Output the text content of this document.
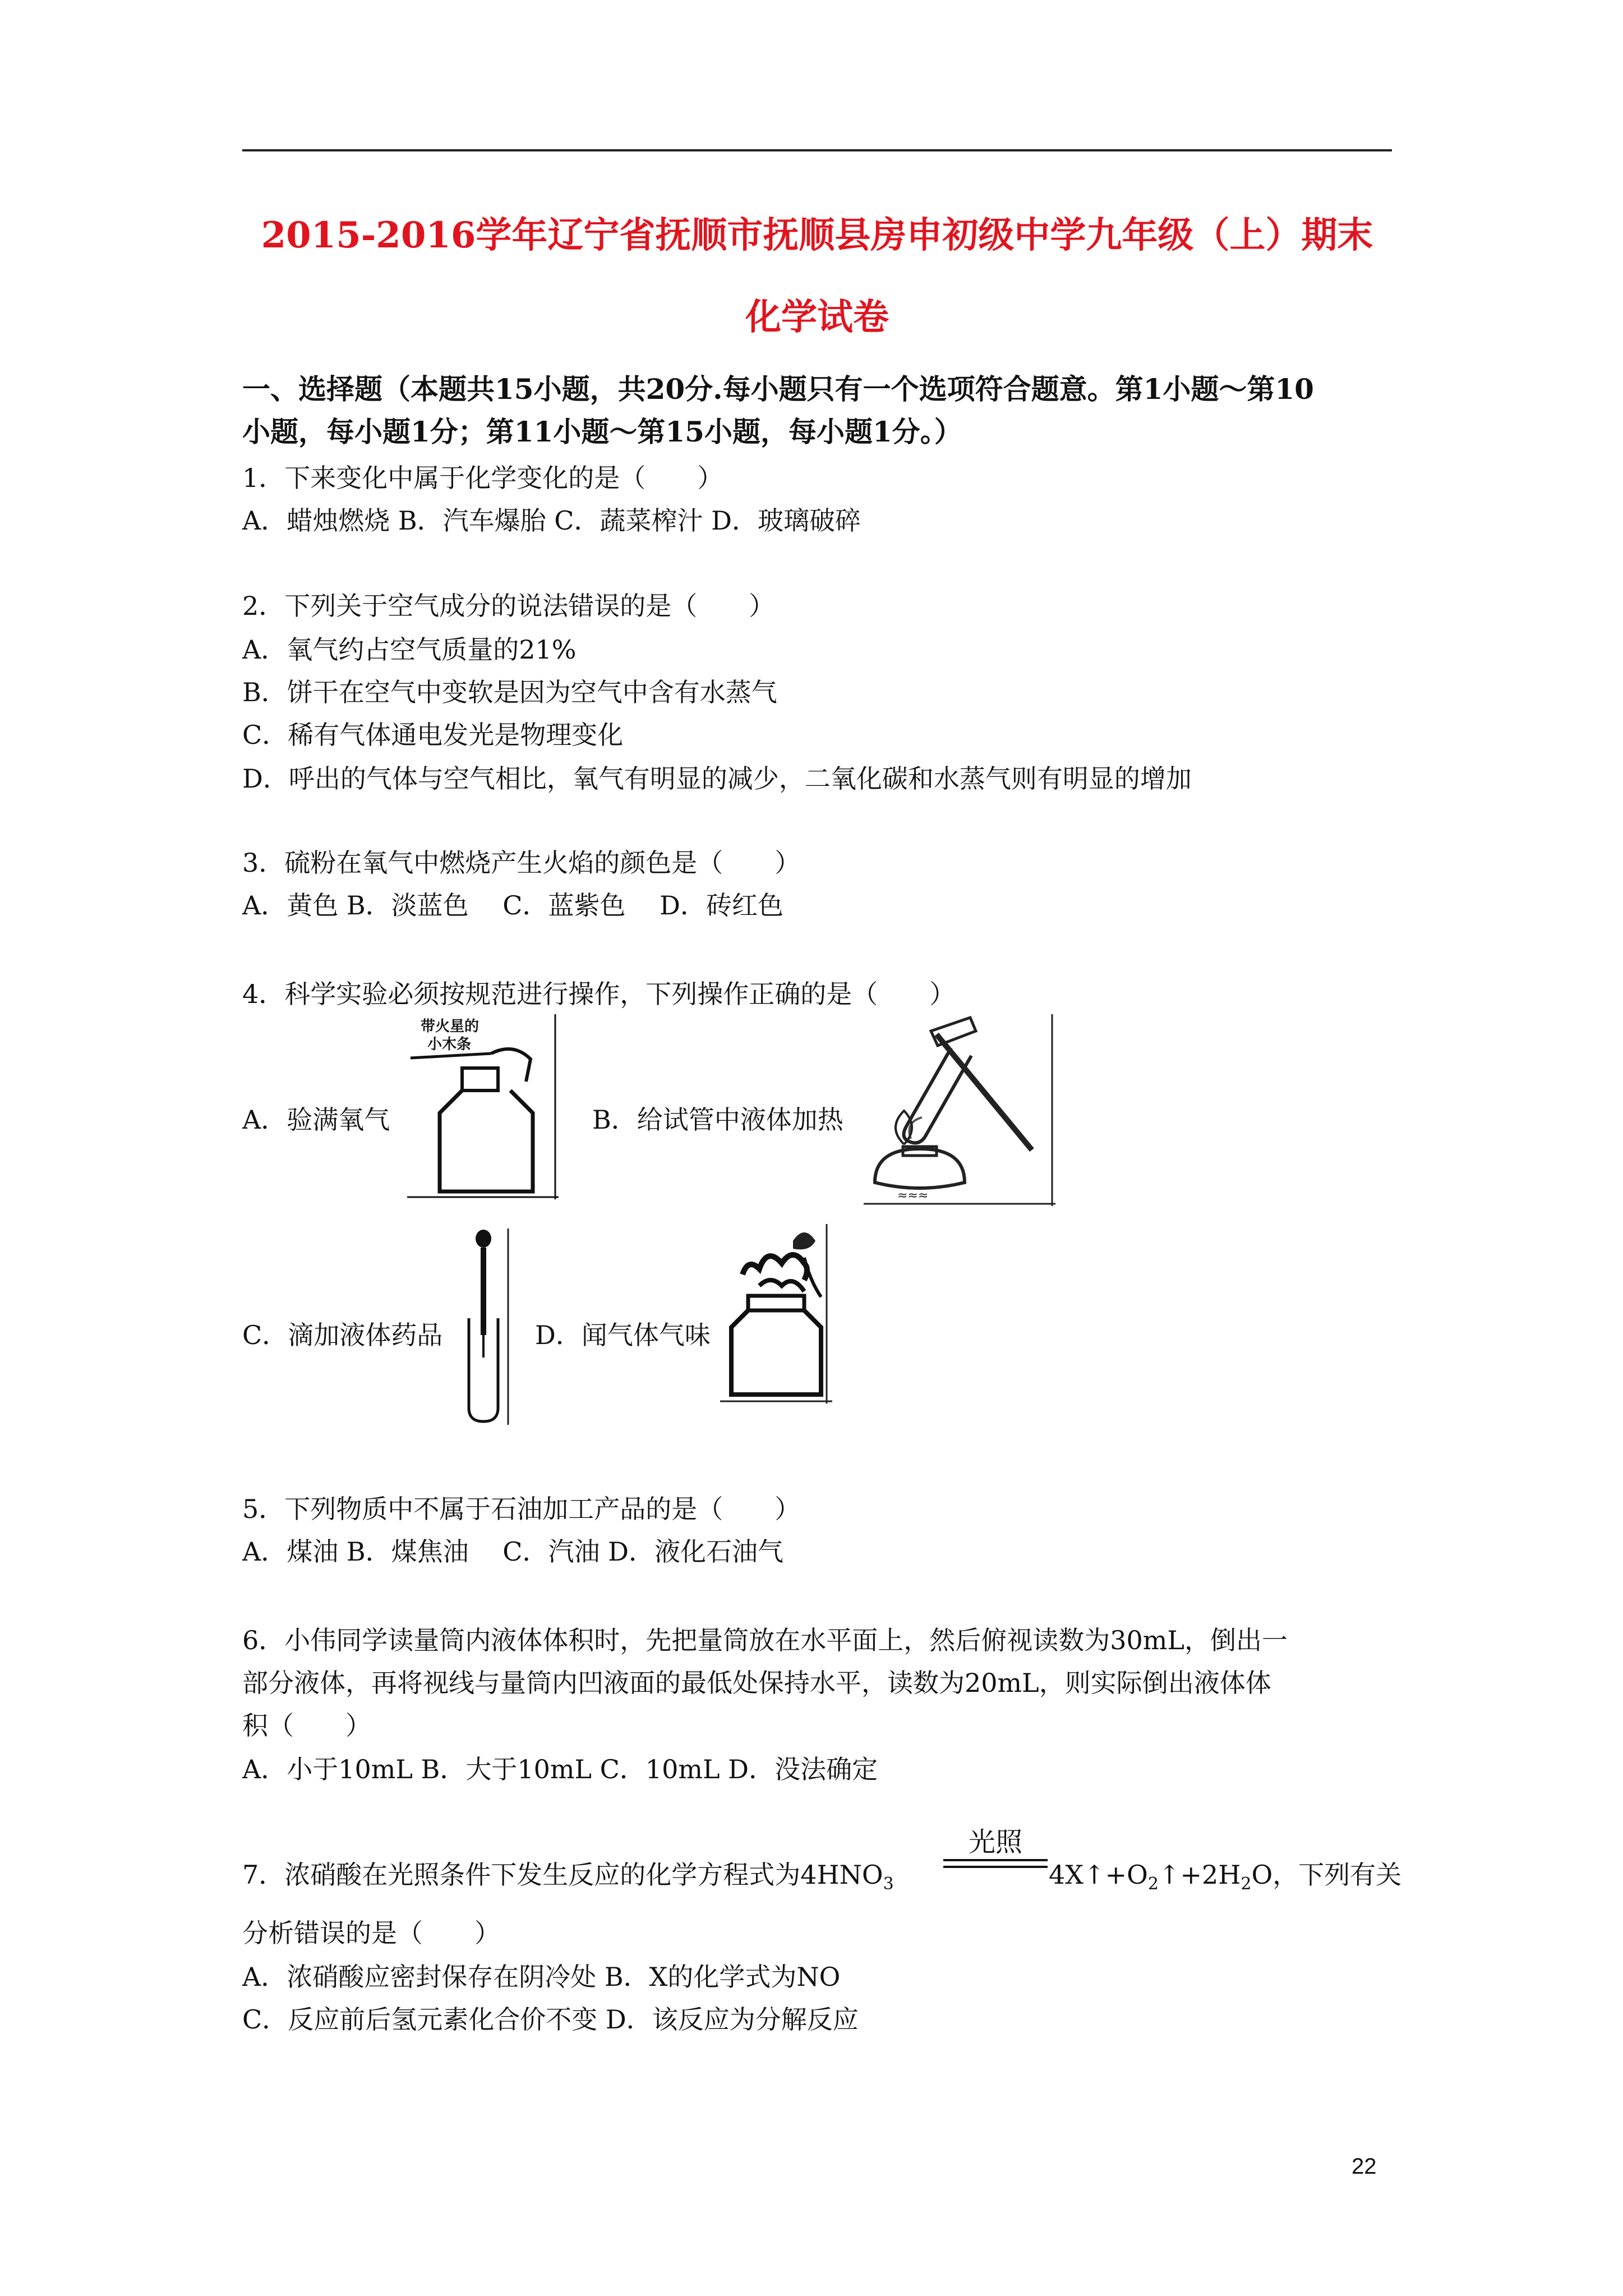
2015-2016学年辽宁省抚顺市抚顺县房申初级中学九年级（上）期末
化学试卷
一、选择题（本题共15小题，共20分.每小题只有一个选项符合题意。第1小题～第10
小题，每小题1分；第11小题～第15小题，每小题1分。）
1．下来变化中属于化学变化的是（　　）
A．蜡烛燃烧 B．汽车爆胎 C．蔬菜榨汁 D．玻璃破碎
2．下列关于空气成分的说法错误的是（　　）
A．氧气约占空气质量的21%
B．饼干在空气中变软是因为空气中含有水蒸气
C．稀有气体通电发光是物理变化
D．呼出的气体与空气相比，氧气有明显的减少，二氧化碳和水蒸气则有明显的增加
3．硫粉在氧气中燃烧产生火焰的颜色是（　　）
A．黄色 B．淡蓝色　 C．蓝紫色　 D．砖红色
4．科学实验必须按规范进行操作，下列操作正确的是（　　）
A．验满氧气
带火星的
小木条
B．给试管中液体加热
≈≈≈
C．滴加液体药品	D．闻气体气味
5．下列物质中不属于石油加工产品的是（　　）
A．煤油 B．煤焦油　 C．汽油 D．液化石油气
6．小伟同学读量筒内液体体积时，先把量筒放在水平面上，然后俯视读数为30mL，倒出一
部分液体，再将视线与量筒内凹液面的最低处保持水平，读数为20mL，则实际倒出液体体
积（　　）
A．小于10mL B．大于10mL C．10mL D．没法确定
7．浓硝酸在光照条件下发生反应的化学方程式为$4HNO_3$
光照
$4X↑+O_2↑+2H_2O$，下列有关
分析错误的是（　　）
A．浓硝酸应密封保存在阴冷处 B．X的化学式为NO
C．反应前后氢元素化合价不变 D．该反应为分解反应
22
